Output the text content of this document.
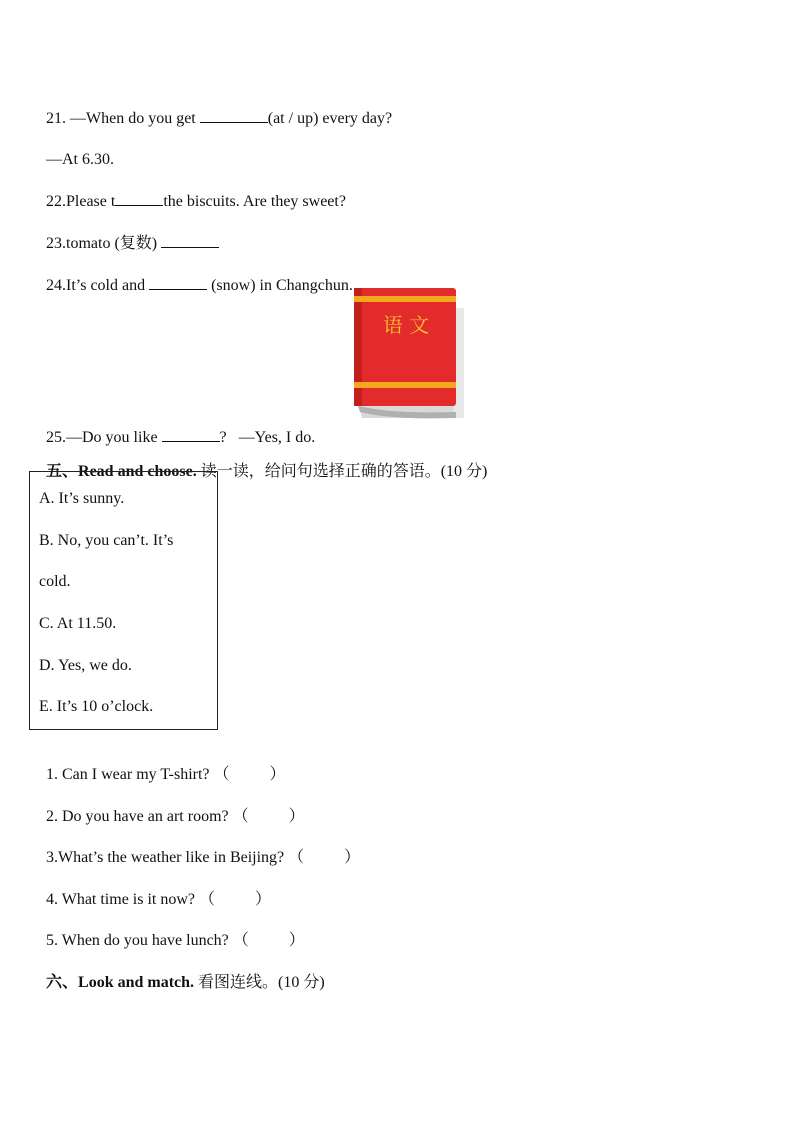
21. —When do you get	(at / up) every day?

—At 6.30.

22.Please t	the biscuits. Are they sweet?

23.tomato (复数)

24.It’s cold and	(snow) in Changchun.

语 文

25.—Do you like	?   —Yes, I do.

五、Read and choose. 读一读，给问句选择正确的答语。(10 分)

A. It’s sunny.
B. No, you can’t. It’s
cold.
C. At 11.50.
D. Yes, we do.
E. It’s 10 o’clock.

1. Can I wear my T-shirt? （          ）

2. Do you have an art room? （          ）

3.What’s the weather like in Beijing? （          ）

4. What time is it now? （          ）

5. When do you have lunch? （          ）

六、Look and match. 看图连线。(10 分)
